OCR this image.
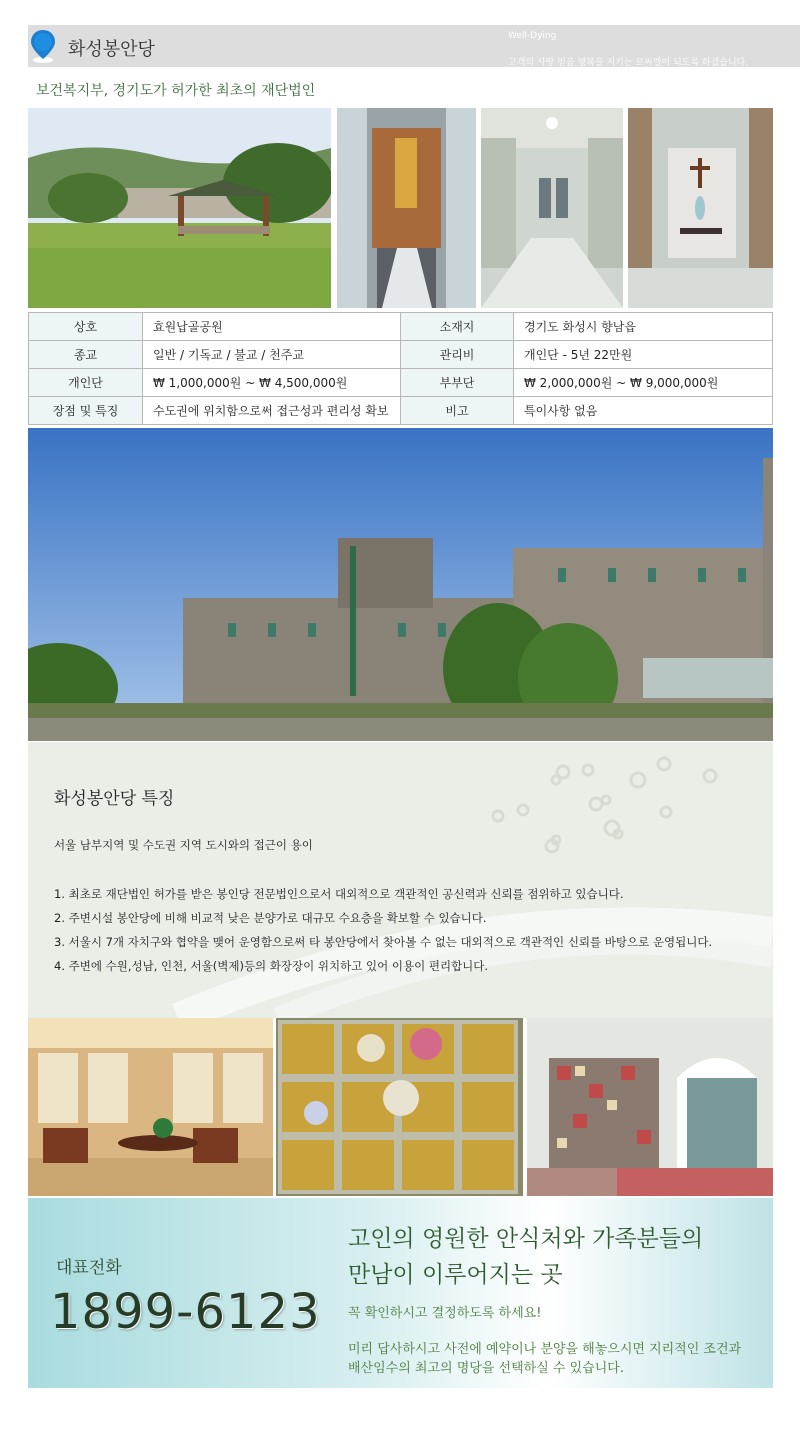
화성봉안당
Well-Dying
고객의 사랑 믿음 행복을 지키는 르씨엘이 되도록 하겠습니다.
보건복지부, 경기도가 허가한 최초의 재단법인
상호	효원납골공원	소재지	경기도 화성시 향남읍
종교	일반 / 기독교 / 불교 / 천주교	관리비	개인단 - 5년 22만원
개인단	₩ 1,000,000원 ~ ₩ 4,500,000원	부부단	₩ 2,000,000원 ~ ₩ 9,000,000원
장점 및 특징	수도권에 위치함으로써 접근성과 편리성 확보	비고	특이사항 없음
화성봉안당 특징
서울 남부지역 및 수도권 지역 도시와의 접근이 용이
1. 최초로 재단법인 허가를 받은 봉인당 전문법인으로서 대외적으로 객관적인 공신력과 신뢰를 점위하고 있습니다.
2. 주변시설 봉안당에 비해 비교적 낮은 분양가로 대규모 수요층을 확보할 수 있습니다.
3. 서울시 7개 자치구와 협약을 맺어 운영함으로써 타 봉안당에서 찾아볼 수 없는 대외적으로 객관적인 신뢰를 바탕으로 운영됩니다.
4. 주변에 수원,성남, 인천, 서울(벽제)등의 화장장이 위치하고 있어 이용이 편리합니다.
대표전화
1899-6123
고인의 영원한 안식처와 가족분들의
만남이 이루어지는 곳
꼭 확인하시고 결정하도록 하세요!
미리 답사하시고 사전에 예약이나 분양을 해놓으시면 지리적인 조건과
배산임수의 최고의 명당을 선택하실 수 있습니다.
